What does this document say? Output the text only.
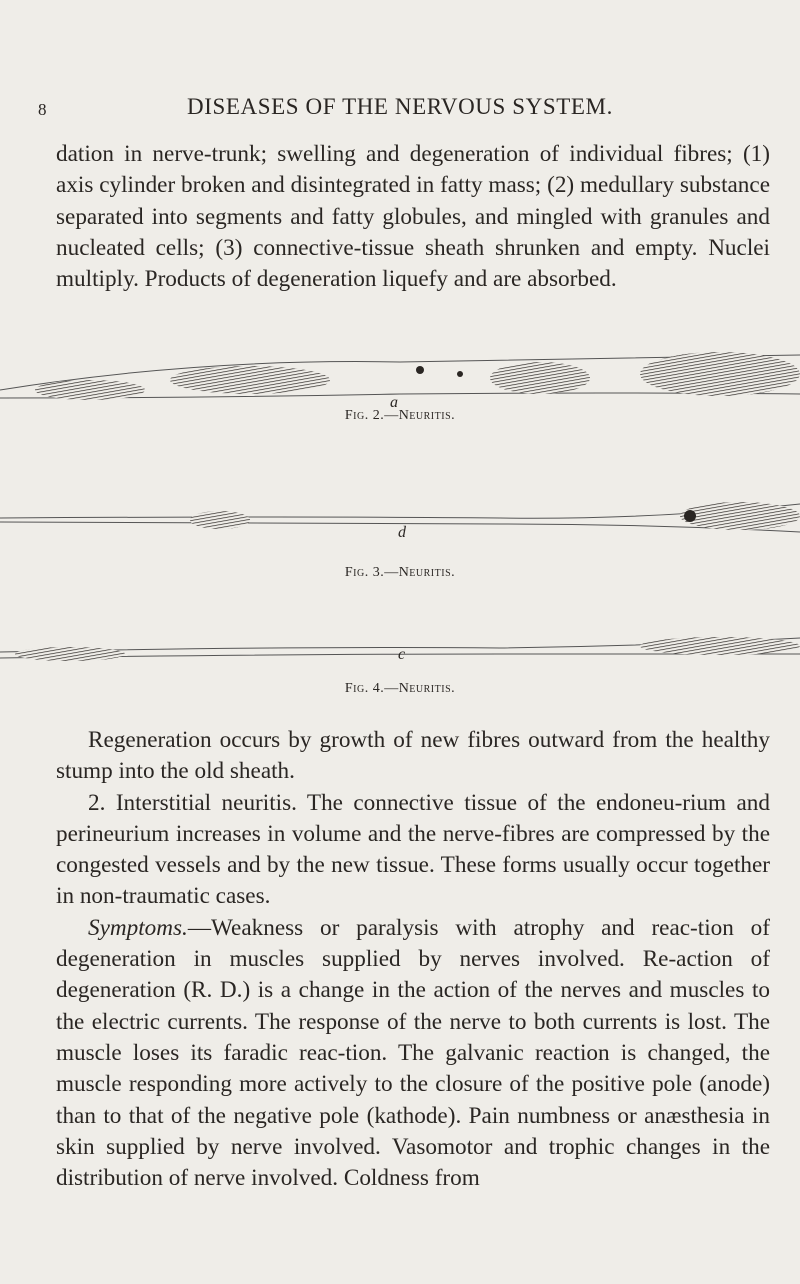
8	DISEASES OF THE NERVOUS SYSTEM.

dation in nerve-trunk; swelling and degeneration of individual fibres; (1) axis cylinder broken and disintegrated in fatty mass; (2) medullary substance separated into segments and fatty globules, and mingled with granules and nucleated cells; (3) connective-tissue sheath shrunken and empty. Nuclei multiply. Products of degeneration liquefy and are absorbed.

a
Fig. 2.—Neuritis.
d
Fig. 3.—Neuritis.
c
Fig. 4.—Neuritis.

Regeneration occurs by growth of new fibres outward from the healthy stump into the old sheath.

2. Interstitial neuritis. The connective tissue of the endoneu-rium and perineurium increases in volume and the nerve-fibres are compressed by the congested vessels and by the new tissue. These forms usually occur together in non-traumatic cases.

Symptoms.—Weakness or paralysis with atrophy and reac-tion of degeneration in muscles supplied by nerves involved. Re-action of degeneration (R. D.) is a change in the action of the nerves and muscles to the electric currents. The response of the nerve to both currents is lost. The muscle loses its faradic reac-tion. The galvanic reaction is changed, the muscle responding more actively to the closure of the positive pole (anode) than to that of the negative pole (kathode). Pain numbness or anæsthesia in skin supplied by nerve involved. Vasomotor and trophic changes in the distribution of nerve involved. Coldness from
